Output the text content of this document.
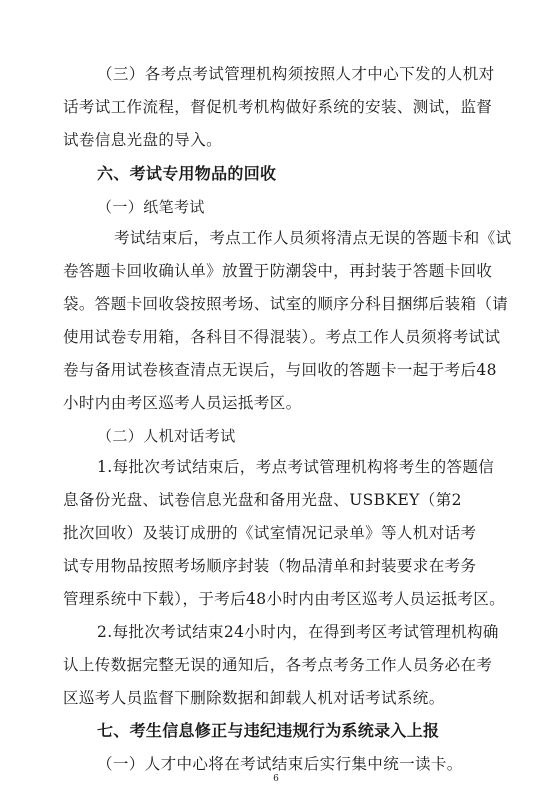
（三）各考点考试管理机构须按照人才中心下发的人机对
话考试工作流程，督促机考机构做好系统的安装、测试，监督
试卷信息光盘的导入。
六、考试专用物品的回收
（一）纸笔考试
考试结束后，考点工作人员须将清点无误的答题卡和《试
卷答题卡回收确认单》放置于防潮袋中，再封装于答题卡回收
袋。答题卡回收袋按照考场、试室的顺序分科目捆绑后装箱（请
使用试卷专用箱，各科目不得混装）。考点工作人员须将考试试
卷与备用试卷核查清点无误后，与回收的答题卡一起于考后48
小时内由考区巡考人员运抵考区。
（二）人机对话考试
1.每批次考试结束后，考点考试管理机构将考生的答题信
息备份光盘、试卷信息光盘和备用光盘、USBKEY（第2
批次回收）及装订成册的《试室情况记录单》等人机对话考
试专用物品按照考场顺序封装（物品清单和封装要求在考务
管理系统中下载），于考后48小时内由考区巡考人员运抵考区。
2.每批次考试结束24小时内，在得到考区考试管理机构确
认上传数据完整无误的通知后，各考点考务工作人员务必在考
区巡考人员监督下删除数据和卸载人机对话考试系统。
七、考生信息修正与违纪违规行为系统录入上报
（一）人才中心将在考试结束后实行集中统一读卡。
6
